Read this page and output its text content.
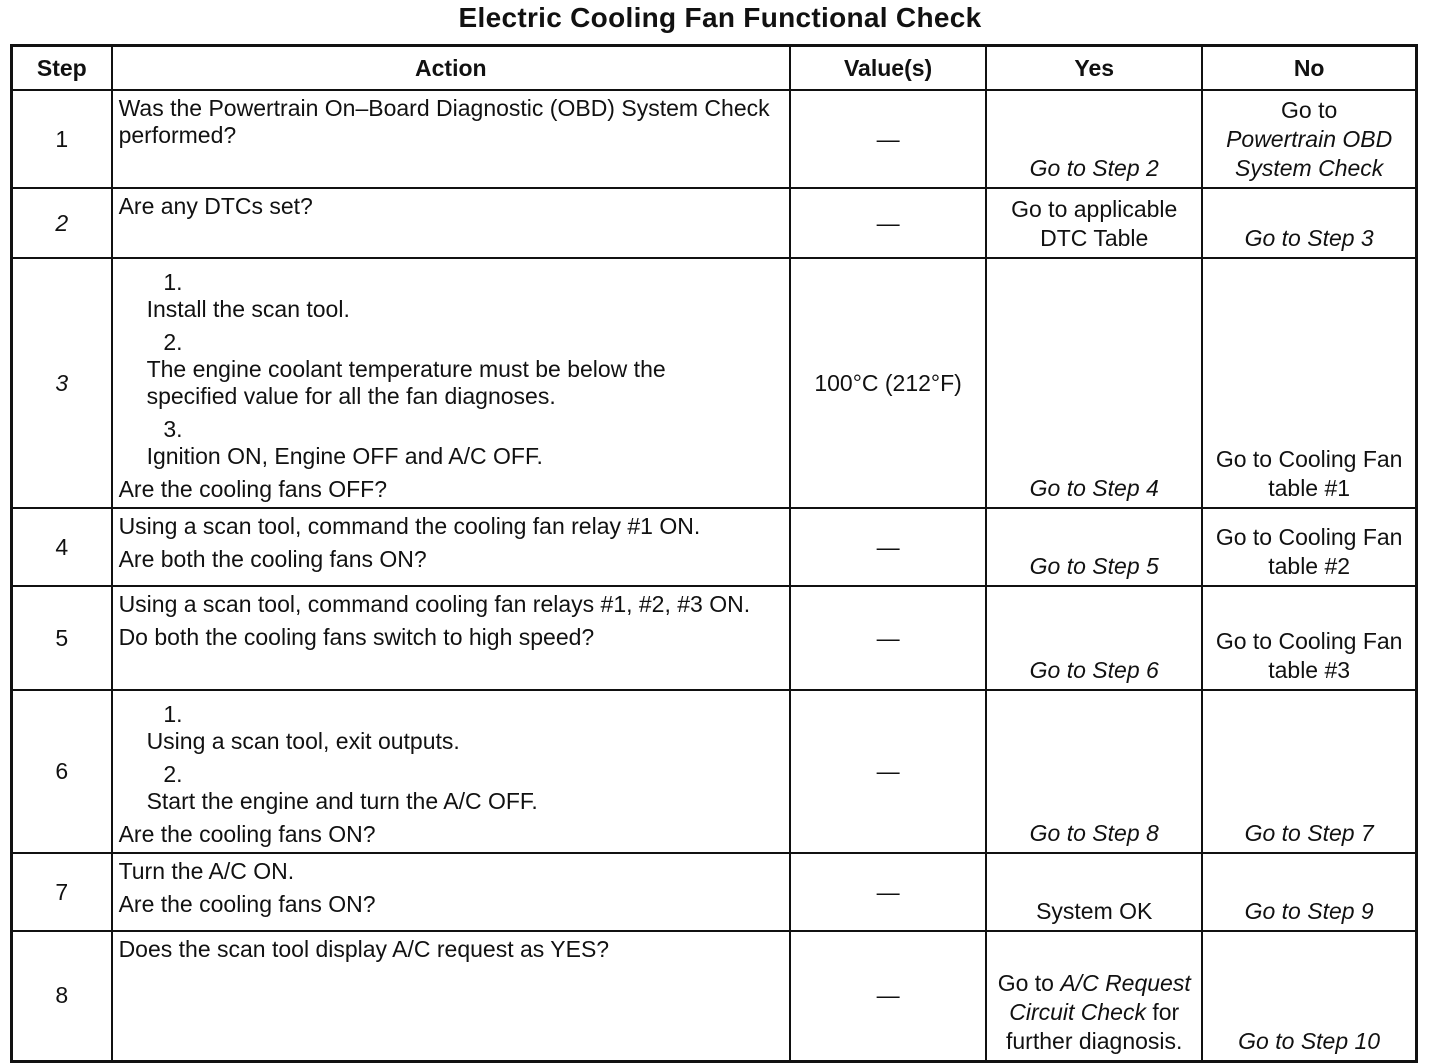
Electric Cooling Fan Functional Check
Step	Action	Value(s)	Yes	No
1	Was the Powertrain On–Board Diagnostic (OBD) System Check performed?	—	Go to Step 2	Go to
Powertrain OBD System Check

2	Are any DTCs set?	—	Go to applicable DTC Table	Go to Step 3
3	1.Install the scan tool.
2.The engine coolant temperature must be below the specified value for all the fan diagnoses.
3.Ignition ON, Engine OFF and A/C OFF.
Are the cooling fans OFF?	100°C (212°F)	Go to Step 4	Go to Cooling Fan table #1
4	Using a scan tool, command the cooling fan relay #1 ON.
Are both the cooling fans ON?	—	Go to Step 5	Go to Cooling Fan table #2
5	Using a scan tool, command cooling fan relays #1, #2, #3 ON.
Do both the cooling fans switch to high speed?	—	Go to Step 6	Go to Cooling Fan table #3
6	1.Using a scan tool, exit outputs.
2.Start the engine and turn the A/C OFF.
Are the cooling fans ON?	—	Go to Step 8	Go to Step 7
7	Turn the A/C ON.
Are the cooling fans ON?	—	System OK	Go to Step 9
8	Does the scan tool display A/C request as YES?	—	Go to A/C Request Circuit Check for further diagnosis.	Go to Step 10
